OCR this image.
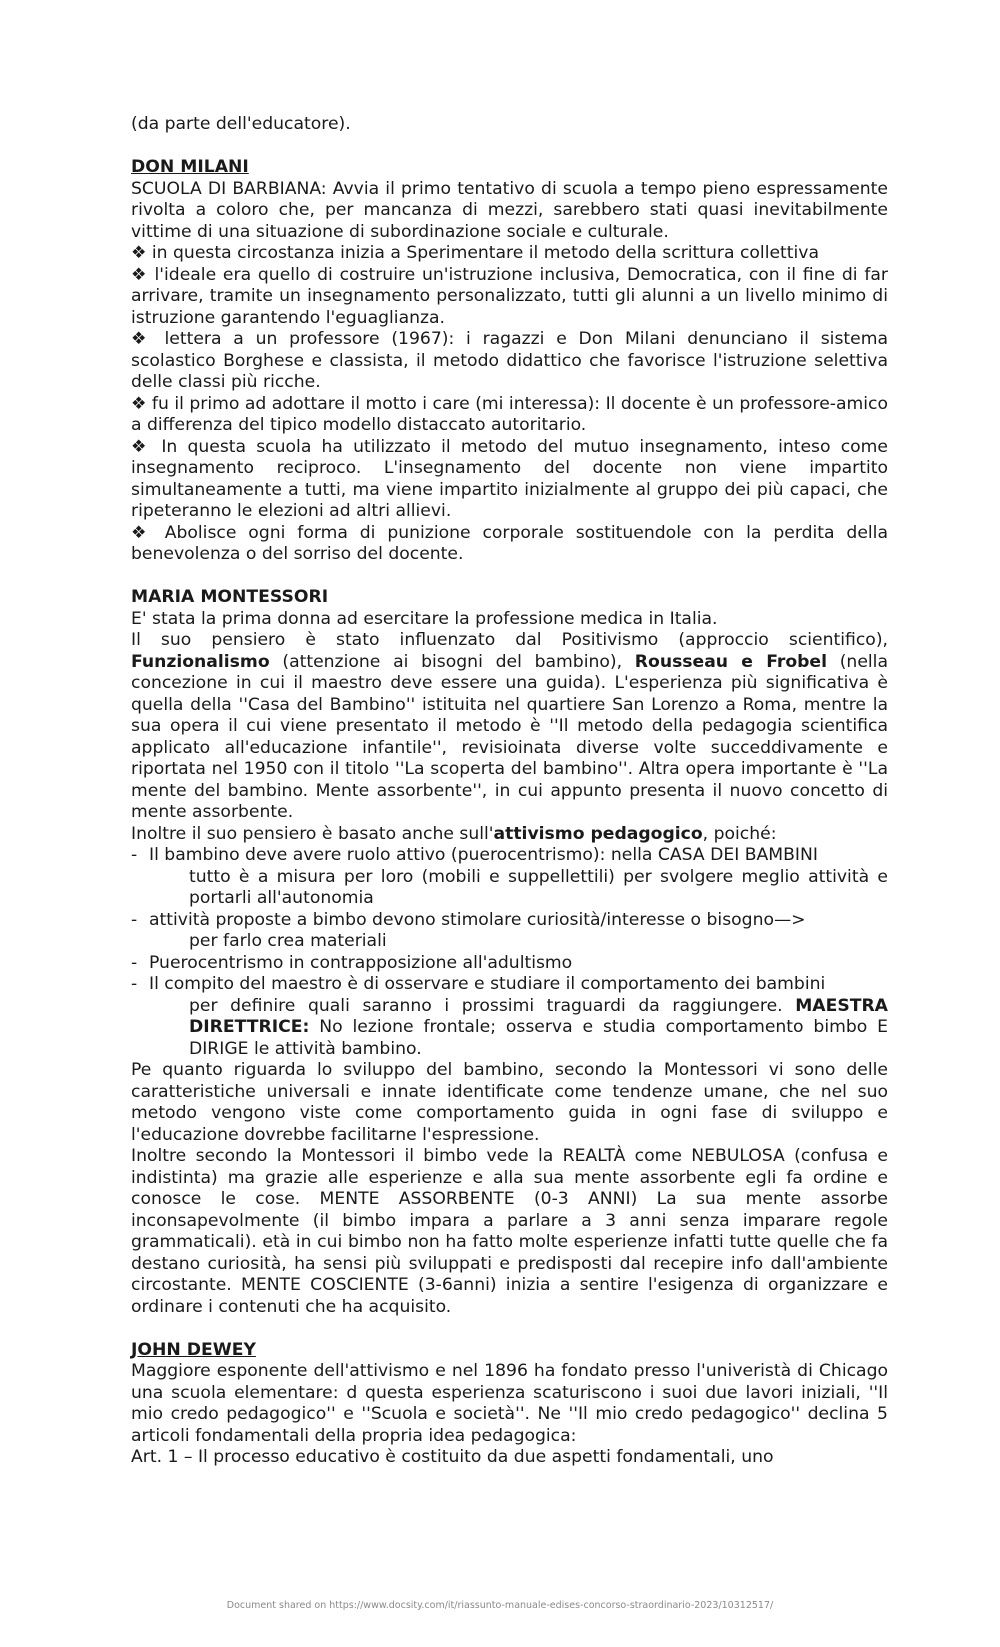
(da parte dell'educatore).

DON MILANI

SCUOLA DI BARBIANA: Avvia il primo tentativo di scuola a tempo pieno espressamente rivolta a coloro che, per mancanza di mezzi, sarebbero stati quasi inevitabilmente vittime di una situazione di subordinazione sociale e culturale.

❖ in questa circostanza inizia a Sperimentare il metodo della scrittura collettiva

❖ l'ideale era quello di costruire un'istruzione inclusiva, Democratica, con il fine di far arrivare, tramite un insegnamento personalizzato, tutti gli alunni a un livello minimo di istruzione garantendo l'eguaglianza.

❖ lettera a un professore (1967): i ragazzi e Don Milani denunciano il sistema scolastico Borghese e classista, il metodo didattico che favorisce l'istruzione selettiva delle classi più ricche.

❖ fu il primo ad adottare il motto i care (mi interessa): Il docente è un professore-amico a differenza del tipico modello distaccato autoritario.

❖ In questa scuola ha utilizzato il metodo del mutuo insegnamento, inteso come insegnamento reciproco. L'insegnamento del docente non viene impartito simultaneamente a tutti, ma viene impartito inizialmente al gruppo dei più capaci, che ripeteranno le elezioni ad altri allievi.

❖ Abolisce ogni forma di punizione corporale sostituendole con la perdita della benevolenza o del sorriso del docente.

MARIA MONTESSORI

E' stata la prima donna ad esercitare la professione medica in Italia.

Il suo pensiero è stato influenzato dal Positivismo (approccio scientifico), Funzionalismo (attenzione ai bisogni del bambino), Rousseau e Frobel (nella concezione in cui il maestro deve essere una guida). L'esperienza più significativa è quella della ''Casa del Bambino'' istituita nel quartiere San Lorenzo a Roma, mentre la sua opera il cui viene presentato il metodo è ''Il metodo della pedagogia scientifica applicato all'educazione infantile'', revisioinata diverse volte succeddivamente e riportata nel 1950 con il titolo ''La scoperta del bambino''. Altra opera importante è ''La mente del bambino. Mente assorbente'', in cui appunto presenta il nuovo concetto di mente assorbente.

Inoltre il suo pensiero è basato anche sull'attivismo pedagogico, poiché:

- Il bambino deve avere ruolo attivo (puerocentrismo): nella CASA DEI BAMBINI
tutto è a misura per loro (mobili e suppellettili) per svolgere meglio attività e portarli all'autonomia
- attività proposte a bimbo devono stimolare curiosità/interesse o bisogno—>
per farlo crea materiali
- Puerocentrismo in contrapposizione all'adultismo
- Il compito del maestro è di osservare e studiare il comportamento dei bambini
per definire quali saranno i prossimi traguardi da raggiungere. MAESTRA DIRETTRICE: No lezione frontale; osserva e studia comportamento bimbo E DIRIGE le attività bambino.

Pe quanto riguarda lo sviluppo del bambino, secondo la Montessori vi sono delle caratteristiche universali e innate identificate come tendenze umane, che nel suo metodo vengono viste come comportamento guida in ogni fase di sviluppo e l'educazione dovrebbe facilitarne l'espressione.

Inoltre secondo la Montessori il bimbo vede la REALTÀ come NEBULOSA (confusa e indistinta) ma grazie alle esperienze e alla sua mente assorbente egli fa ordine e conosce le cose. MENTE ASSORBENTE (0-3 ANNI) La sua mente assorbe inconsapevolmente (il bimbo impara a parlare a 3 anni senza imparare regole grammaticali). età in cui bimbo non ha fatto molte esperienze infatti tutte quelle che fa destano curiosità, ha sensi più sviluppati e predisposti dal recepire info dall'ambiente circostante. MENTE COSCIENTE (3-6anni) inizia a sentire l'esigenza di organizzare e ordinare i contenuti che ha acquisito.

JOHN DEWEY

Maggiore esponente dell'attivismo e nel 1896 ha fondato presso l'univeristà di Chicago una scuola elementare: d questa esperienza scaturiscono i suoi due lavori iniziali, ''Il mio credo pedagogico'' e ''Scuola e società''. Ne ''Il mio credo pedagogico'' declina 5 articoli fondamentali della propria idea pedagogica:

Art. 1 – Il processo educativo è costituito da due aspetti fondamentali, uno

Document shared on https://www.docsity.com/it/riassunto-manuale-edises-concorso-straordinario-2023/10312517/
